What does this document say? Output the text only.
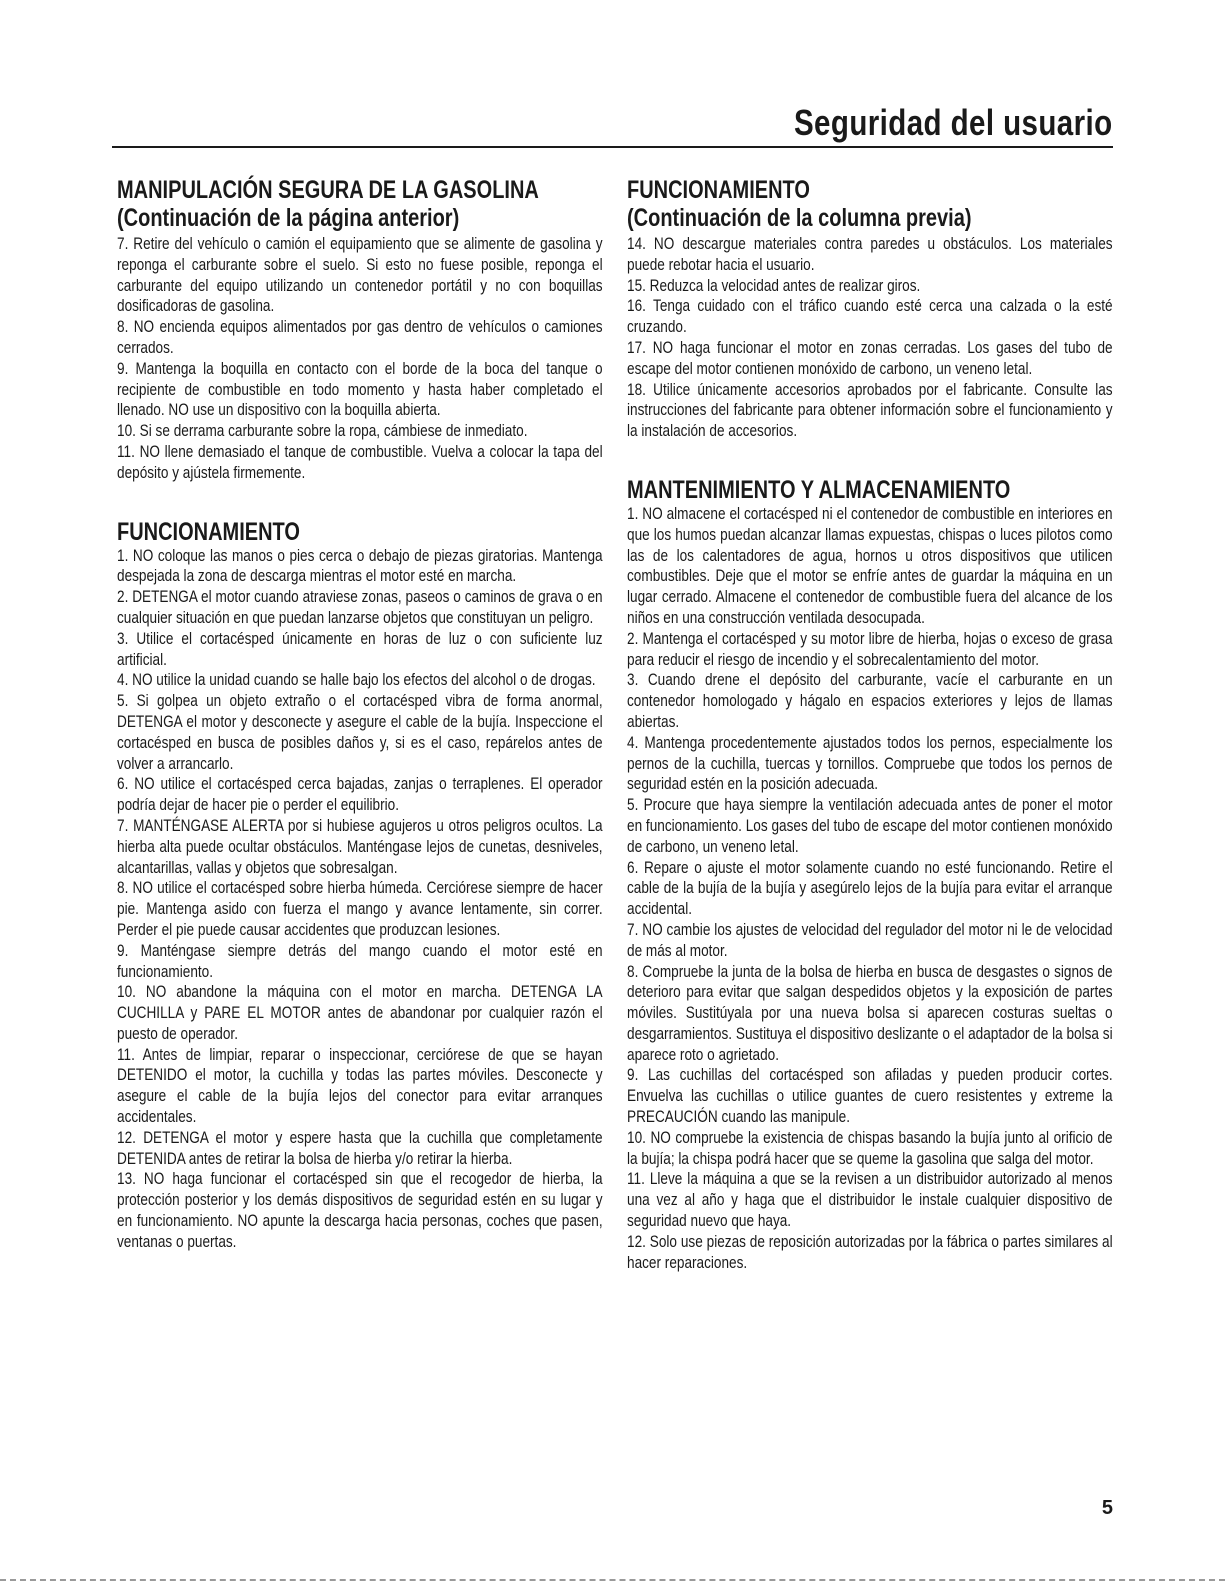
Seguridad del usuario
MANIPULACIÓN SEGURA DE LA GASOLINA
(Continuación de la página anterior)
7. Retire del vehículo o camión el equipamiento que se alimente de gasolina y reponga el carburante sobre el suelo. Si esto no fuese posible, reponga el carburante del equipo utilizando un contenedor portátil y no con boquillas dosificadoras de gasolina.
8. NO encienda equipos alimentados por gas dentro de vehículos o camiones cerrados.
9. Mantenga la boquilla en contacto con el borde de la boca del tanque o recipiente de combustible en todo momento y hasta haber completado el llenado. NO use un dispositivo con la boquilla abierta.
10. Si se derrama carburante sobre la ropa, cámbiese de inmediato.
11. NO llene demasiado el tanque de combustible. Vuelva a colocar la tapa del depósito y ajústela firmemente.
FUNCIONAMIENTO
1. NO coloque las manos o pies cerca o debajo de piezas giratorias. Mantenga despejada la zona de descarga mientras el motor esté en marcha.
2. DETENGA el motor cuando atraviese zonas, paseos o caminos de grava o en cualquier situación en que puedan lanzarse objetos que constituyan un peligro.
3. Utilice el cortacésped únicamente en horas de luz o con suficiente luz artificial.
4. NO utilice la unidad cuando se halle bajo los efectos del alcohol o de drogas.
5. Si golpea un objeto extraño o el cortacésped vibra de forma anormal, DETENGA el motor y desconecte y asegure el cable de la bujía. Inspeccione el cortacésped en busca de posibles daños y, si es el caso, repárelos antes de volver a arrancarlo.
6. NO utilice el cortacésped cerca bajadas, zanjas o terraplenes. El operador podría dejar de hacer pie o perder el equilibrio.
7. MANTÉNGASE ALERTA por si hubiese agujeros u otros peligros ocultos. La hierba alta puede ocultar obstáculos. Manténgase lejos de cunetas, desniveles, alcantarillas, vallas y objetos que sobresalgan.
8. NO utilice el cortacésped sobre hierba húmeda. Cerciórese siempre de hacer pie. Mantenga asido con fuerza el mango y avance lentamente, sin correr. Perder el pie puede causar accidentes que produzcan lesiones.
9. Manténgase siempre detrás del mango cuando el motor esté en funcionamiento.
10. NO abandone la máquina con el motor en marcha. DETENGA LA CUCHILLA y PARE EL MOTOR antes de abandonar por cualquier razón el puesto de operador.
11. Antes de limpiar, reparar o inspeccionar, cerciórese de que se hayan DETENIDO el motor, la cuchilla y todas las partes móviles. Desconecte y asegure el cable de la bujía lejos del conector para evitar arranques accidentales.
12. DETENGA el motor y espere hasta que la cuchilla que completamente DETENIDA antes de retirar la bolsa de hierba y/o retirar la hierba.
13. NO haga funcionar el cortacésped sin que el recogedor de hierba, la protección posterior y los demás dispositivos de seguridad estén en su lugar y en funcionamiento. NO apunte la descarga hacia personas, coches que pasen, ventanas o puertas.
FUNCIONAMIENTO
(Continuación de la columna previa)
14. NO descargue materiales contra paredes u obstáculos. Los materiales puede rebotar hacia el usuario.
15. Reduzca la velocidad antes de realizar giros.
16. Tenga cuidado con el tráfico cuando esté cerca una calzada o la esté cruzando.
17. NO haga funcionar el motor en zonas cerradas. Los gases del tubo de escape del motor contienen monóxido de carbono, un veneno letal.
18. Utilice únicamente accesorios aprobados por el fabricante. Consulte las instrucciones del fabricante para obtener información sobre el funcionamiento y la instalación de accesorios.
MANTENIMIENTO Y ALMACENAMIENTO
1. NO almacene el cortacésped ni el contenedor de combustible en interiores en que los humos puedan alcanzar llamas expuestas, chispas o luces pilotos como las de los calentadores de agua, hornos u otros dispositivos que utilicen combustibles. Deje que el motor se enfríe antes de guardar la máquina en un lugar cerrado. Almacene el contenedor de combustible fuera del alcance de los niños en una construcción ventilada desocupada.
2. Mantenga el cortacésped y su motor libre de hierba, hojas o exceso de grasa para reducir el riesgo de incendio y el sobrecalentamiento del motor.
3. Cuando drene el depósito del carburante, vacíe el carburante en un contenedor homologado y hágalo en espacios exteriores y lejos de llamas abiertas.
4. Mantenga procedentemente ajustados todos los pernos, especialmente los pernos de la cuchilla, tuercas y tornillos. Compruebe que todos los pernos de seguridad estén en la posición adecuada.
5. Procure que haya siempre la ventilación adecuada antes de poner el motor en funcionamiento. Los gases del tubo de escape del motor contienen monóxido de carbono, un veneno letal.
6. Repare o ajuste el motor solamente cuando no esté funcionando. Retire el cable de la bujía de la bujía y asegúrelo lejos de la bujía para evitar el arranque accidental.
7. NO cambie los ajustes de velocidad del regulador del motor ni le de velocidad de más al motor.
8. Compruebe la junta de la bolsa de hierba en busca de desgastes o signos de deterioro para evitar que salgan despedidos objetos y la exposición de partes móviles. Sustitúyala por una nueva bolsa si aparecen costuras sueltas o desgarramientos. Sustituya el dispositivo deslizante o el adaptador de la bolsa si aparece roto o agrietado.
9. Las cuchillas del cortacésped son afiladas y pueden producir cortes. Envuelva las cuchillas o utilice guantes de cuero resistentes y extreme la PRECAUCIÓN cuando las manipule.
10. NO compruebe la existencia de chispas basando la bujía junto al orificio de la bujía; la chispa podrá hacer que se queme la gasolina que salga del motor.
11. Lleve la máquina a que se la revisen a un distribuidor autorizado al menos una vez al año y haga que el distribuidor le instale cualquier dispositivo de seguridad nuevo que haya.
12. Solo use piezas de reposición autorizadas por la fábrica o partes similares al hacer reparaciones.
5
